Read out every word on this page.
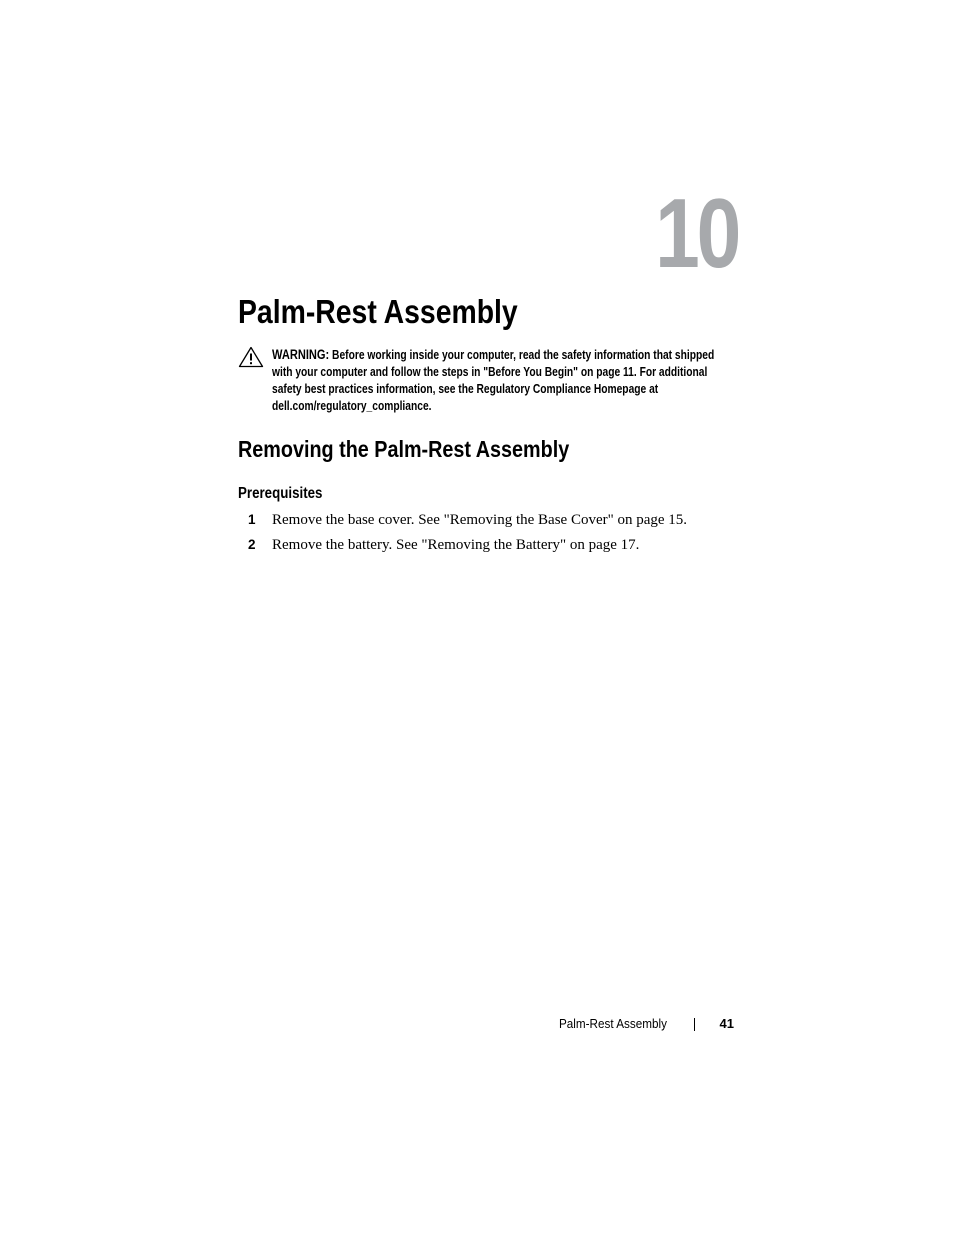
10
Palm-Rest Assembly
WARNING: Before working inside your computer, read the safety information that shipped with your computer and follow the steps in "Before You Begin" on page 11. For additional safety best practices information, see the Regulatory Compliance Homepage at dell.com/regulatory_compliance.
Removing the Palm-Rest Assembly
Prerequisites
1 Remove the base cover. See "Removing the Base Cover" on page 15.
2 Remove the battery. See "Removing the Battery" on page 17.
Palm-Rest Assembly	41
